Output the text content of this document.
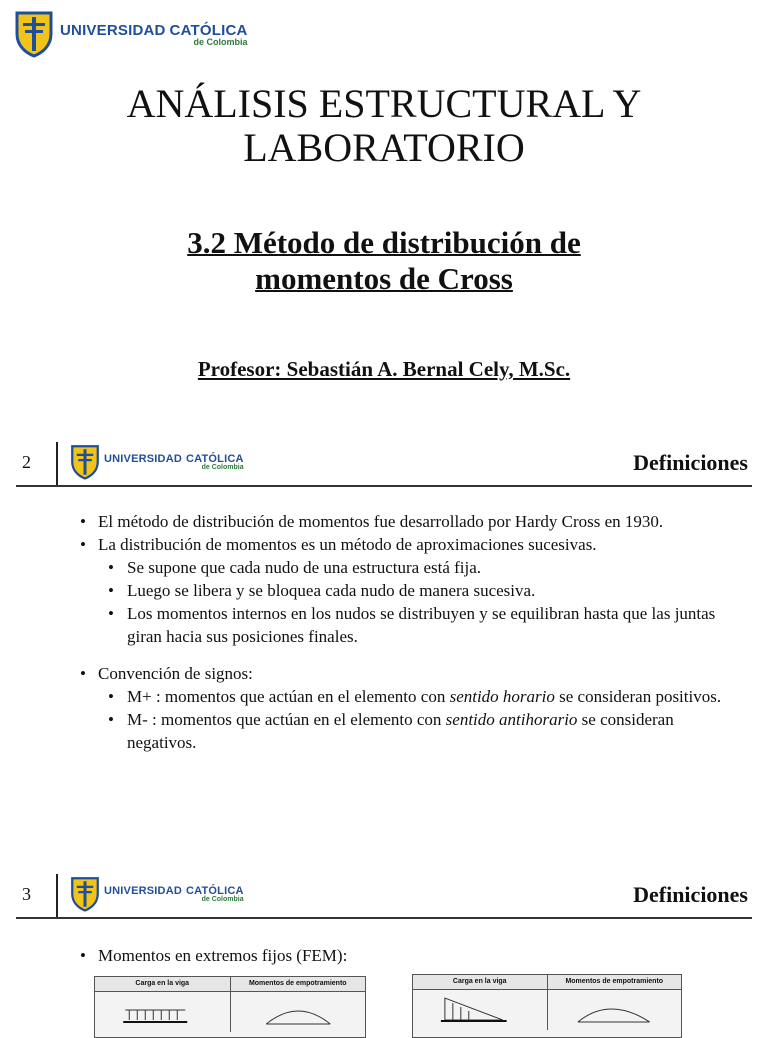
UNIVERSIDAD CATÓLICA
de Colombia
ANÁLISIS ESTRUCTURAL Y
LABORATORIO
3.2 Método de distribución de
momentos de Cross
Profesor: Sebastián A. Bernal Cely, M.Sc.
2	UNIVERSIDAD CATÓLICA
de Colombia	Definiciones
• El método de distribución de momentos fue desarrollado por Hardy Cross en 1930.
• La distribución de momentos es un método de aproximaciones sucesivas.
• Se supone que cada nudo de una estructura está fija.
• Luego se libera y se bloquea cada nudo de manera sucesiva.
• Los momentos internos en los nudos se distribuyen y se equilibran hasta que las juntas giran hacia sus posiciones finales.
• Convención de signos:
• M+ : momentos que actúan en el elemento con sentido horario se consideran positivos.
• M- : momentos que actúan en el elemento con sentido antihorario se consideran negativos.
3	UNIVERSIDAD CATÓLICA
de Colombia	Definiciones
• Momentos en extremos fijos (FEM):
Carga en la viga	Momentos de empotramiento	Carga en la viga	Momentos de empotramiento
